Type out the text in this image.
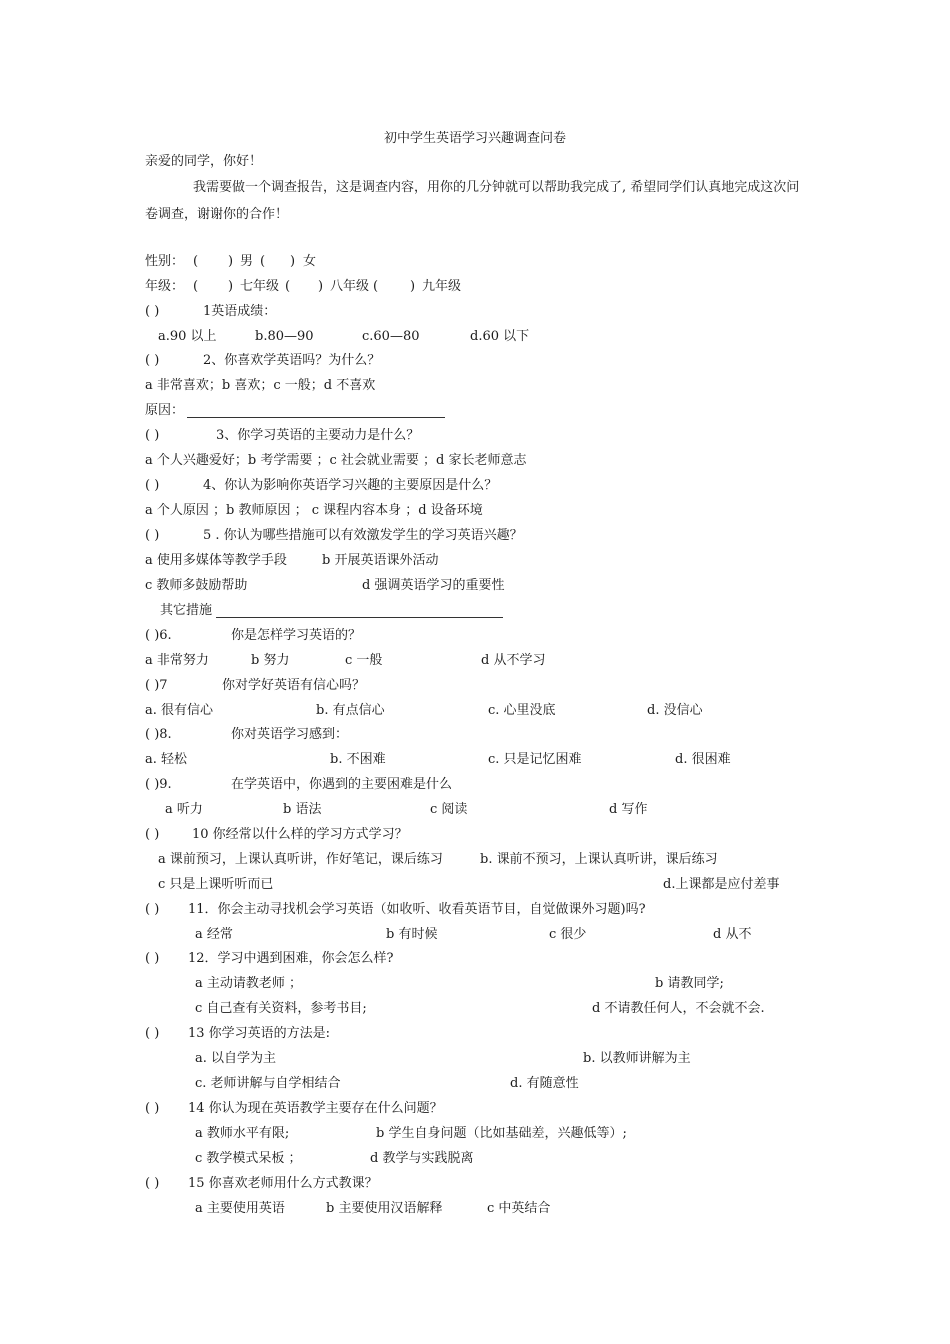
初中学生英语学习兴趣调查问卷
亲爱的同学，你好！
我需要做一个调查报告，这是调查内容，用你的几分钟就可以帮助我完成了, 希望同学们认真地完成这次问卷调查，谢谢你的合作！
性别： ( ) 男 ( ) 女
年级： ( ) 七年级 ( ) 八年级 ( ) 九年级
( )	1英语成绩：
a.90 以上	b.80—90	c.60—80	d.60 以下
( )	2、你喜欢学英语吗？为什么？
a 非常喜欢；b 喜欢；c 一般；d 不喜欢
原因：
( )	3、你学习英语的主要动力是什么？
a 个人兴趣爱好；b 考学需要 ；c 社会就业需要 ；d 家长老师意志
( )	4、你认为影响你英语学习兴趣的主要原因是什么？
a 个人原因 ；b 教师原因 ； c 课程内容本身 ；d 设备环境
( )	5 . 你认为哪些措施可以有效激发学生的学习英语兴趣？
a 使用多媒体等教学手段	b 开展英语课外活动
c 教师多鼓励帮助	d 强调英语学习的重要性
其它措施
( )6.	你是怎样学习英语的？
a 非常努力	b 努力	c 一般	d 从不学习
( )7	你对学好英语有信心吗？
a. 很有信心	b. 有点信心	c. 心里没底	d. 没信心
( )8.	你对英语学习感到：
a. 轻松	b. 不困难	c. 只是记忆困难	d. 很困难
( )9.	在学英语中，你遇到的主要困难是什么
a 听力	b 语法	c 阅读	d 写作
( )	10 你经常以什么样的学习方式学习？
a 课前预习，上课认真听讲，作好笔记，课后练习	b. 课前不预习，上课认真听讲，课后练习
c 只是上课听听而已	d.上课都是应付差事
( ) 11．你会主动寻找机会学习英语（如收听、收看英语节目，自觉做课外习题)吗?
a 经常	b 有时候	c 很少	d 从不
( ) 12．学习中遇到困难，你会怎么样?
a 主动请教老师 ；	b 请教同学;
c 自己查有关资料，参考书目;	d 不请教任何人，不会就不会.
( ) 13 你学习英语的方法是:
a. 以自学为主	b. 以教师讲解为主
c. 老师讲解与自学相结合	d. 有随意性
( ) 14 你认为现在英语教学主要存在什么问题？
a 教师水平有限;	b 学生自身问题（比如基础差，兴趣低等）;
c 教学模式呆板 ；	d 教学与实践脱离
( ) 15 你喜欢老师用什么方式教课？
a 主要使用英语	b 主要使用汉语解释	c 中英结合
